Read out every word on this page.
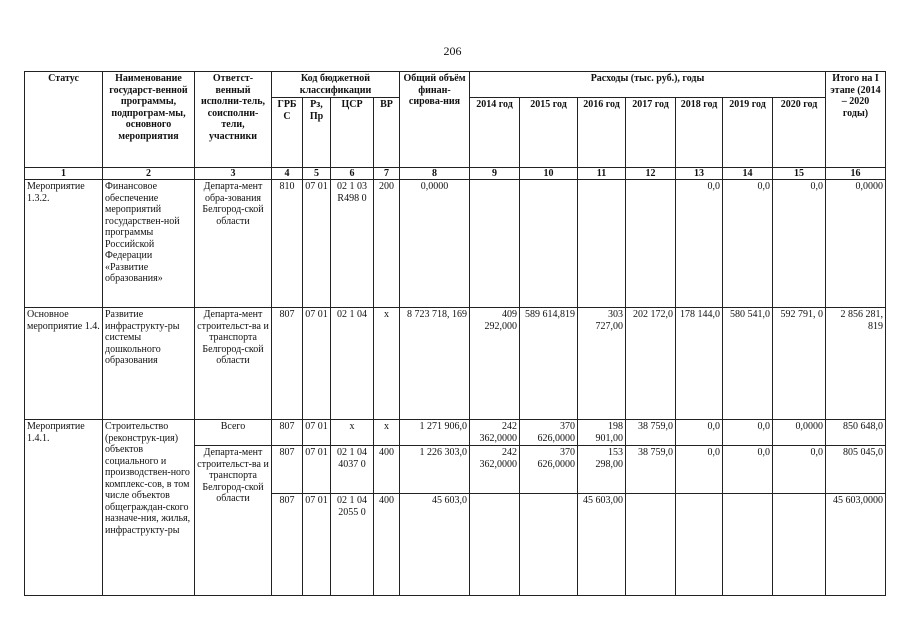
206
Статус	Наименование государст-венной программы, подпрограм-мы, основного мероприятия	Ответст-венный исполни-тель, соисполни-тели, участники	Код бюджетной классификации				Общий объём финан-сирова-ния	Расходы (тыс. руб.), годы							Итого на I этапе (2014 – 2020 годы)
			ГРБ С	Рз, Пр	ЦСР	ВР		2014 год	2015 год	2016 год	2017 год	2018 год	2019 год	2020 год	

1	2	3	4	5	6	7	8	9	10	11	12	13	14	15	16
Мероприятие 1.3.2.	Финансовое обеспечение мероприятий государствен-ной программы Российской Федерации «Развитие образования»	Департа-мент обра-зования Белгород-ской области	810	07 01	02 1 03 R498 0	200	0,0000					0,0	0,0	0,0	0,0000
Основное мероприятие 1.4.	Развитие инфраструкту-ры системы дошкольного образования	Департа-мент строительст-ва и транспорта Белгород-ской области	807	07 01	02 1 04	х	8 723 718, 169	409 292,000	589 614,819	303 727,00	202 172,0	178 144,0	580 541,0	592 791, 0	2 856 281, 819
Мероприятие 1.4.1.	Строительство (реконструк-ция) объектов социального и производствен-ного комплекс-сов, в том числе объектов общеграждан-ского назначе-ния, жилья, инфраструкту-ры	Всего	807	07 01	х	х	1 271 906,0	242 362,0000	370 626,0000	198 901,00	38 759,0	0,0	0,0	0,0000	850 648,0
		Департа-мент строительст-ва и транспорта Белгород-ской области	807	07 01	02 1 04 4037 0	400	1 226 303,0	242 362,0000	370 626,0000	153 298,00	38 759,0	0,0	0,0	0,0	805 045,0
			807	07 01	02 1 04 2055 0	400	45 603,0			45 603,00					45 603,0000
